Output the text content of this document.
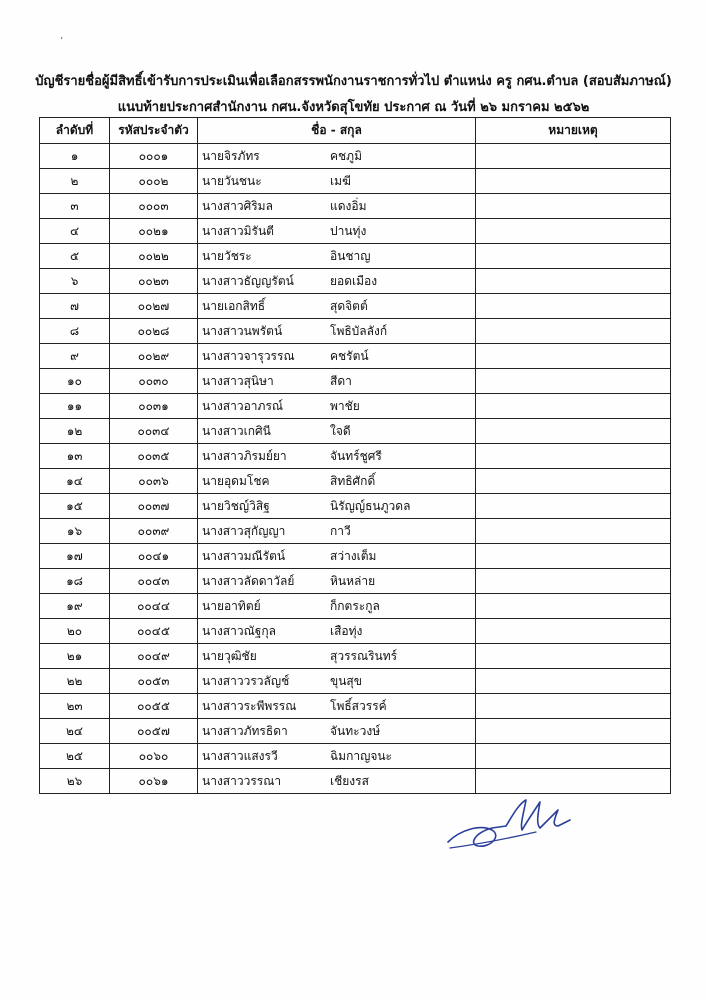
’
บัญชีรายชื่อผู้มีสิทธิ์เข้ารับการประเมินเพื่อเลือกสรรพนักงานราชการทั่วไป ตำแหน่ง ครู กศน.ตำบล (สอบสัมภาษณ์)
แนบท้ายประกาศสำนักงาน กศน.จังหวัดสุโขทัย ประกาศ ณ วันที่ ๒๖ มกราคม ๒๕๖๒
ลำดับที่	รหัสประจำตัว	ชื่อ - สกุล	หมายเหตุ
๑	๐๐๐๑	นายจิรภัทร คชภูมิ	
๒	๐๐๐๒	นายวันชนะ เมฆี	
๓	๐๐๐๓	นางสาวศิริมล แดงอิ่ม	
๔	๐๐๒๑	นางสาวมิรันตี ปานทุ่ง	
๕	๐๐๒๒	นายวัชระ อินชาญ	
๖	๐๐๒๓	นางสาวธัญญรัตน์ ยอดเมือง	
๗	๐๐๒๗	นายเอกสิทธิ์ สุดจิตต์	
๘	๐๐๒๘	นางสาวนพรัตน์ โพธิบัลลังก์	
๙	๐๐๒๙	นางสาวจารุวรรณ คชรัตน์	
๑๐	๐๐๓๐	นางสาวสุนิษา สีดา	
๑๑	๐๐๓๑	นางสาวอาภรณ์ พาชัย	
๑๒	๐๐๓๔	นางสาวเกศินี ใจดี	
๑๓	๐๐๓๕	นางสาวภิรมย์ยา จันทร์ชูศรี	
๑๔	๐๐๓๖	นายอุดมโชค สิทธิศักดิ์	
๑๕	๐๐๓๗	นายวิชญ์วิสิฐ นิรัญญ์ธนภูวดล	
๑๖	๐๐๓๙	นางสาวสุกัญญา กาวี	
๑๗	๐๐๔๑	นางสาวมณีรัตน์ สว่างเต็ม	
๑๘	๐๐๔๓	นางสาวลัดดาวัลย์ หินหล่าย	
๑๙	๐๐๔๔	นายอาทิตย์ ก็กตระกูล	
๒๐	๐๐๔๕	นางสาวณัฐกุล เสือทุ่ง	
๒๑	๐๐๔๙	นายวุฒิชัย สุวรรณรินทร์	
๒๒	๐๐๕๓	นางสาววรวลัญช์ ขุนสุข	
๒๓	๐๐๕๕	นางสาวระพีพรรณ โพธิ์สวรรค์	
๒๔	๐๐๕๗	นางสาวภัทรธิดา จันทะวงษ์	
๒๕	๐๐๖๐	นางสาวแสงรวี ฉิมกาญจนะ	
๒๖	๐๐๖๑	นางสาววรรณา เชียงรส	
